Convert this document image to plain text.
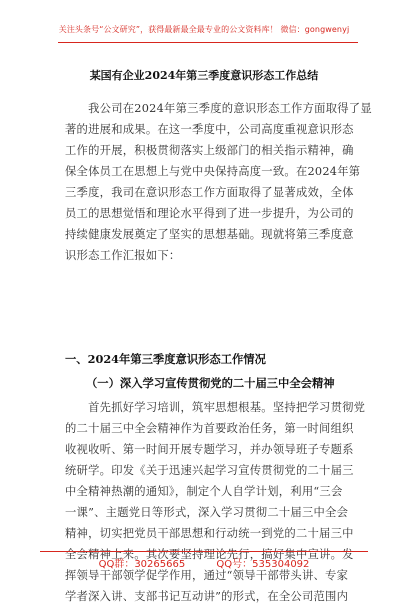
关注头条号“公文研究”，获得最新最全最专业的公文资料库！ 微信：gongwenyj
某国有企业2024年第三季度意识形态工作总结
　　我公司在2024年第三季度的意识形态工作方面取得了显
著的进展和成果。在这一季度中，公司高度重视意识形态
工作的开展，积极贯彻落实上级部门的相关指示精神，确
保全体员工在思想上与党中央保持高度一致。在2024年第
三季度，我司在意识形态工作方面取得了显著成效，全体
员工的思想觉悟和理论水平得到了进一步提升，为公司的
持续健康发展奠定了坚实的思想基础。现就将第三季度意
识形态工作汇报如下：
一、2024年第三季度意识形态工作情况
（一）深入学习宣传贯彻党的二十届三中全会精神
　　首先抓好学习培训，筑牢思想根基。坚持把学习贯彻党
的二十届三中全会精神作为首要政治任务，第一时间组织
收视收听、第一时间开展专题学习，并办领导班子专题系
统研学。印发《关于迅速兴起学习宣传贯彻党的二十届三
中全精神热潮的通知》，制定个人自学计划，利用“三会
一课”、主题党日等形式，深入学习贯彻二十届三中全会
精神，切实把党员干部思想和行动统一到党的二十届三中
全会精神上来。其次要坚持理论先行，搞好集中宣讲。发
挥领导干部领学促学作用，通过“领导干部带头讲、专家
学者深入讲、支部书记互动讲”的形式，在全公司范围内
QQ群：30265665	QQ号：535304092
